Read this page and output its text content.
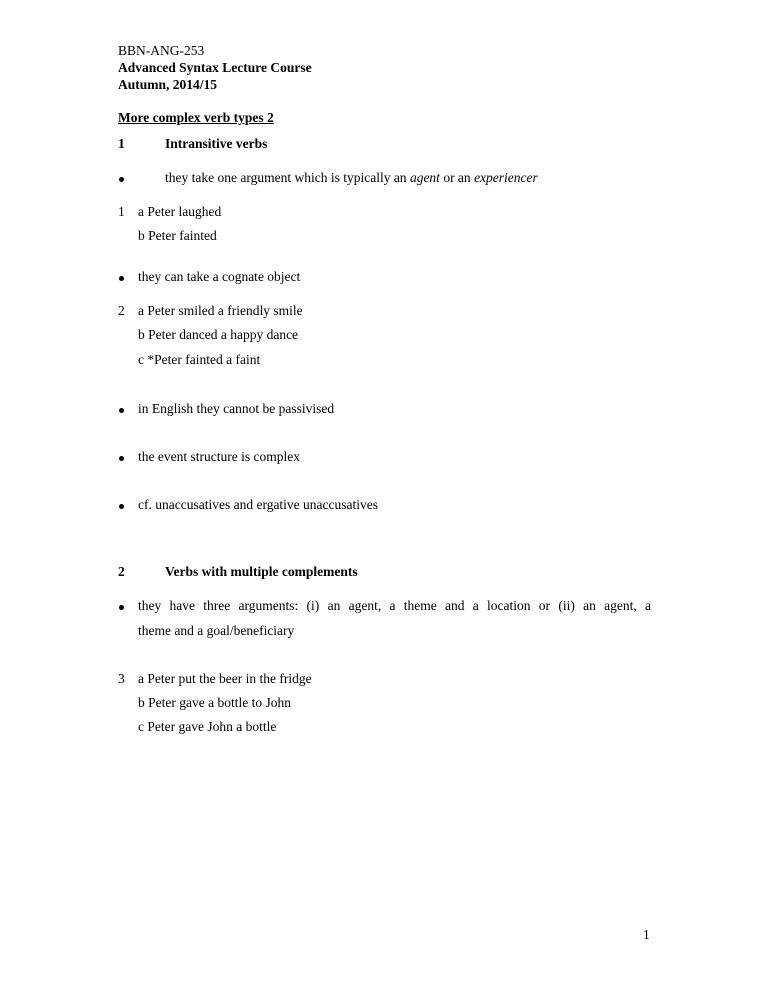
BBN-ANG-253
Advanced Syntax Lecture Course
Autumn, 2014/15
More complex verb types 2
1	Intransitive verbs
they take one argument which is typically an agent or an experiencer
1 a Peter laughed
b Peter fainted
they can take a cognate object
2 a Peter smiled a friendly smile
b Peter danced a happy dance
c *Peter fainted a faint
in English they cannot be passivised
the event structure is complex
cf. unaccusatives and ergative unaccusatives
2	Verbs with multiple complements
they have three arguments: (i) an agent, a theme and a location or (ii) an agent, a
theme and a goal/beneficiary
3 a Peter put the beer in the fridge
b Peter gave a bottle to John
c Peter gave John a bottle
1
